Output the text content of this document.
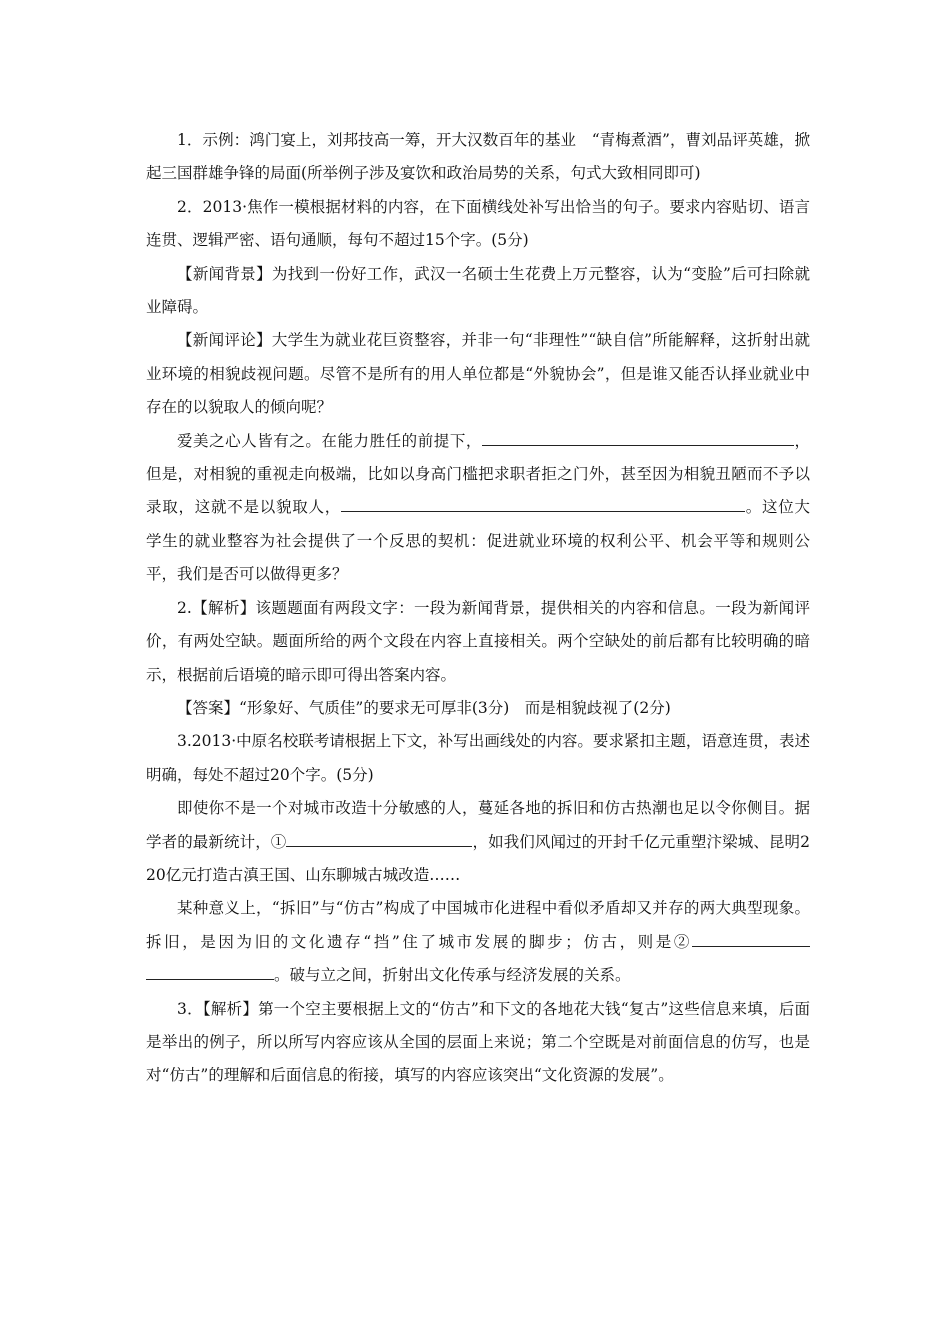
1．示例：鸿门宴上，刘邦技高一筹，开大汉数百年的基业　“青梅煮酒”，曹刘品评英雄，掀起三国群雄争锋的局面(所举例子涉及宴饮和政治局势的关系，句式大致相同即可)

2．2013·焦作一模根据材料的内容，在下面横线处补写出恰当的句子。要求内容贴切、语言连贯、逻辑严密、语句通顺，每句不超过15个字。(5分)

【新闻背景】为找到一份好工作，武汉一名硕士生花费上万元整容，认为“变脸”后可扫除就业障碍。

【新闻评论】大学生为就业花巨资整容，并非一句“非理性”“缺自信”所能解释，这折射出就业环境的相貌歧视问题。尽管不是所有的用人单位都是“外貌协会”，但是谁又能否认择业就业中存在的以貌取人的倾向呢？

爱美之心人皆有之。在能力胜任的前提下，	，但是，对相貌的重视走向极端，比如以身高门槛把求职者拒之门外，甚至因为相貌丑陋而不予以录取，这就不是以貌取人，	。这位大学生的就业整容为社会提供了一个反思的契机：促进就业环境的权利公平、机会平等和规则公平，我们是否可以做得更多？

2.【解析】该题题面有两段文字：一段为新闻背景，提供相关的内容和信息。一段为新闻评价，有两处空缺。题面所给的两个文段在内容上直接相关。两个空缺处的前后都有比较明确的暗示，根据前后语境的暗示即可得出答案内容。

【答案】“形象好、气质佳”的要求无可厚非(3分)　而是相貌歧视了(2分)

3.2013·中原名校联考请根据上下文，补写出画线处的内容。要求紧扣主题，语意连贯，表述明确，每处不超过20个字。(5分)

即使你不是一个对城市改造十分敏感的人，蔓延各地的拆旧和仿古热潮也足以令你侧目。据学者的最新统计，①	，如我们风闻过的开封千亿元重塑汴梁城、昆明220亿元打造古滇王国、山东聊城古城改造……

某种意义上，“拆旧”与“仿古”构成了中国城市化进程中看似矛盾却又并存的两大典型现象。拆旧，是因为旧的文化遗存“挡”住了城市发展的脚步；仿古，则是②。破与立之间，折射出文化传承与经济发展的关系。

3．【解析】第一个空主要根据上文的“仿古”和下文的各地花大钱“复古”这些信息来填，后面是举出的例子，所以所写内容应该从全国的层面上来说；第二个空既是对前面信息的仿写，也是对“仿古”的理解和后面信息的衔接，填写的内容应该突出“文化资源的发展”。
